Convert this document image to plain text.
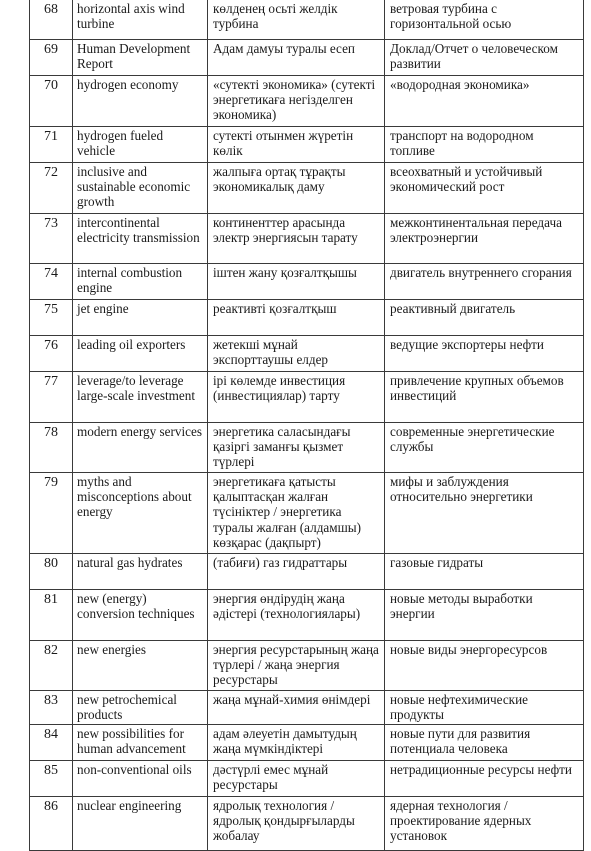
68	horizontal axis wind turbine	көлденең осьті желдік турбина	ветровая турбина с горизонтальной осью
69	Human Development Report	Адам дамуы туралы есеп	Доклад/Отчет о человеческом развитии
70	hydrogen economy	«сутекті экономика» (сутекті энергетикаға негізделген экономика)	«водородная экономика»
71	hydrogen fueled vehicle	сутекті отынмен жүретін көлік	транспорт на водородном топливе
72	inclusive and sustainable economic growth	жалпыға ортақ тұрақты экономикалық даму	всеохватный и устойчивый экономический рост
73	intercontinental electricity transmission	континенттер арасында электр энергиясын тарату	межконтинентальная передача электроэнергии
74	internal combustion engine	іштен жану қозғалтқышы	двигатель внутреннего сгорания
75	jet engine	реактивті қозғалтқыш	реактивный двигатель
76	leading oil exporters	жетекші мұнай экспорттаушы елдер	ведущие экспортеры нефти
77	leverage/to leverage large-scale investment	ірі көлемде инвестиция (инвестициялар) тарту	привлечение крупных объемов инвестиций
78	modern energy services	энергетика саласындағы қазіргі заманғы қызмет түрлері	современные энергетические службы
79	myths and misconceptions about energy	энергетикаға қатысты қалыптасқан жалған түсініктер / энергетика туралы жалған (алдамшы) көзқарас (дақпырт)	мифы и заблуждения относительно энергетики
80	natural gas hydrates	(табиғи) газ гидраттары	газовые гидраты
81	new (energy) conversion techniques	энергия өндірудің жаңа әдістері (технологиялары)	новые методы выработки энергии
82	new energies	энергия ресурстарының жаңа түрлері / жаңа энергия ресурстары	новые виды энергоресурсов
83	new petrochemical products	жаңа мұнай-химия өнімдері	новые нефтехимические продукты
84	new possibilities for human advancement	адам әлеуетін дамытудың жаңа мүмкіндіктері	новые пути для развития потенциала человека
85	non-conventional oils	дәстүрлі емес мұнай ресурстары	нетрадиционные ресурсы нефти
86	nuclear engineering	ядролық технология / ядролық қондырғыларды жобалау	ядерная технология / проектирование ядерных установок
